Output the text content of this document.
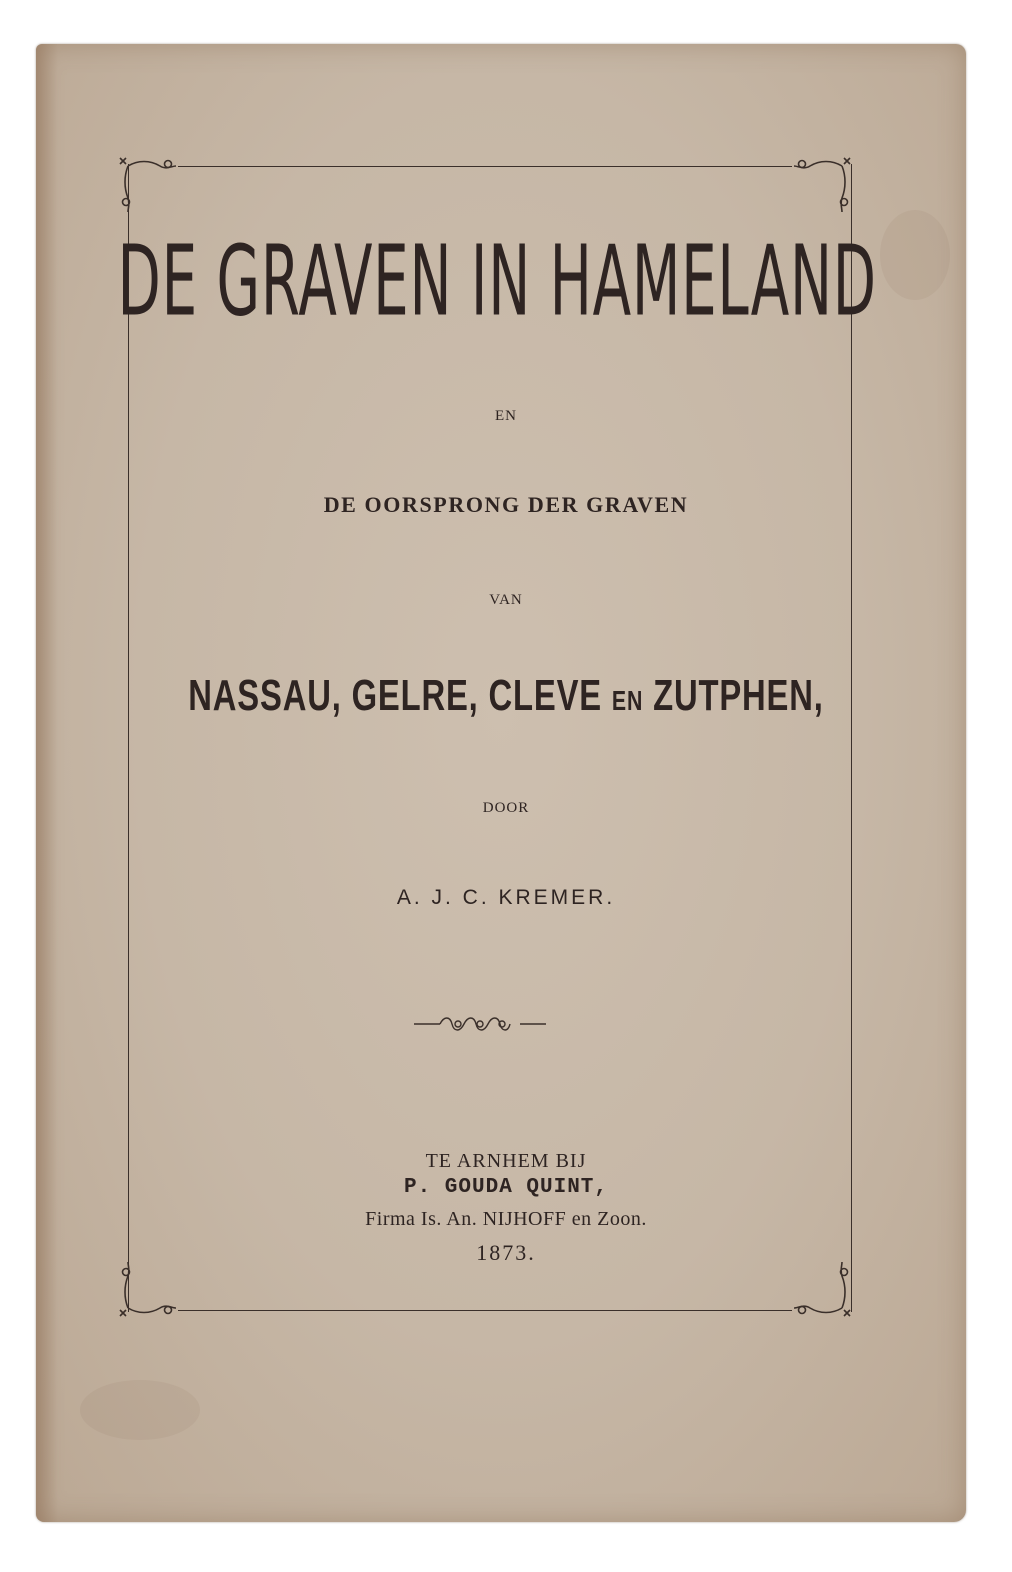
DE GRAVEN IN HAMELAND
EN
DE OORSPRONG DER GRAVEN
VAN
NASSAU, GELRE, CLEVE EN ZUTPHEN,
DOOR
A. J. C. KREMER.
TE ARNHEM BIJ
P. GOUDA QUINT,
Firma Is. An. NIJHOFF en Zoon.
1873.
